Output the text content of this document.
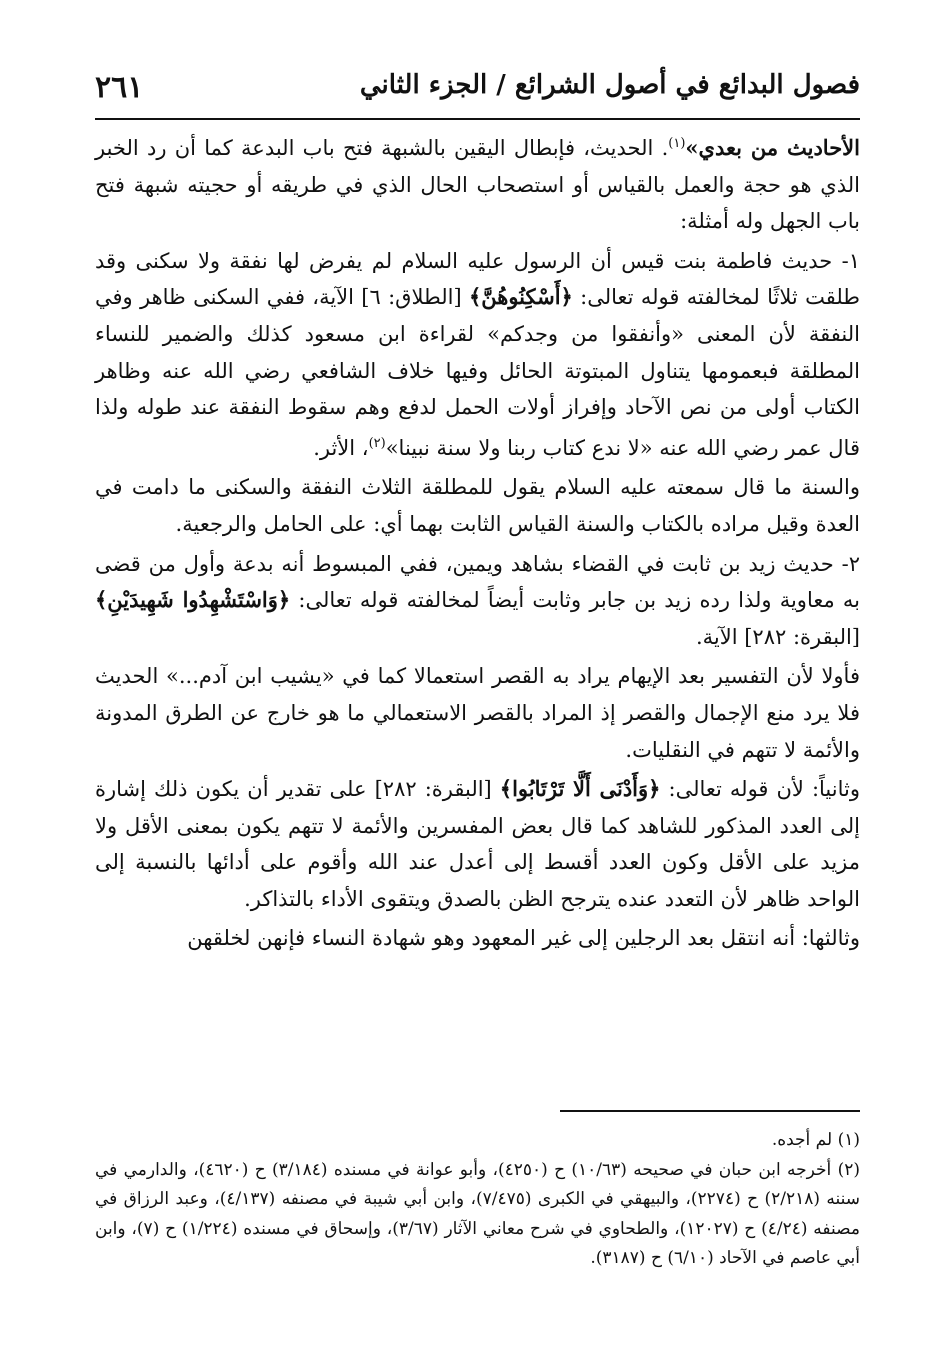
٢٦١	فصول البدائع في أصول الشرائع / الجزء الثاني

الأحاديث من بعدي»$^{(١)}$. الحديث، فإبطال اليقين بالشبهة فتح باب البدعة كما أن رد الخبر الذي هو حجة والعمل بالقياس أو استصحاب الحال الذي في طريقه أو حجيته شبهة فتح باب الجهل وله أمثلة:

١- حديث فاطمة بنت قيس أن الرسول عليه السلام لم يفرض لها نفقة ولا سكنى وقد طلقت ثلاثًا لمخالفته قوله تعالى: ﴿أَسْكِنُوهُنَّ﴾ [الطلاق: ٦] الآية، ففي السكنى ظاهر وفي النفقة لأن المعنى «وأنفقوا من وجدكم» لقراءة ابن مسعود كذلك والضمير للنساء المطلقة فبعمومها يتناول المبتوتة الحائل وفيها خلاف الشافعي رضي الله عنه وظاهر الكتاب أولى من نص الآحاد وإفراز أولات الحمل لدفع وهم سقوط النفقة عند طوله ولذا قال عمر رضي الله عنه «لا ندع كتاب ربنا ولا سنة نبينا»$^{(٢)}$، الأثر.

والسنة ما قال سمعته عليه السلام يقول للمطلقة الثلاث النفقة والسكنى ما دامت في العدة وقيل مراده بالكتاب والسنة القياس الثابت بهما أي: على الحامل والرجعية.

٢- حديث زيد بن ثابت في القضاء بشاهد ويمين، ففي المبسوط أنه بدعة وأول من قضى به معاوية ولذا رده زيد بن جابر وثابت أيضاً لمخالفته قوله تعالى: ﴿وَاسْتَشْهِدُوا شَهِيدَيْنِ﴾ [البقرة: ٢٨٢] الآية.

فأولا لأن التفسير بعد الإيهام يراد به القصر استعمالا كما في «يشيب ابن آدم...» الحديث فلا يرد منع الإجمال والقصر إذ المراد بالقصر الاستعمالي ما هو خارج عن الطرق المدونة والأئمة لا تتهم في النقليات.

وثانياً: لأن قوله تعالى: ﴿وَأَدْنَى أَلَّا تَرْتَابُوا﴾ [البقرة: ٢٨٢] على تقدير أن يكون ذلك إشارة إلى العدد المذكور للشاهد كما قال بعض المفسرين والأئمة لا تتهم يكون بمعنى الأقل ولا مزيد على الأقل وكون العدد أقسط إلى أعدل عند الله وأقوم على أدائها بالنسبة إلى الواحد ظاهر لأن التعدد عنده يترجح الظن بالصدق ويتقوى الأداء بالتذاكر.

وثالثها: أنه انتقل بعد الرجلين إلى غير المعهود وهو شهادة النساء فإنهن لخلقهن

(١) لم أجده.
(٢) أخرجه ابن حبان في صحيحه (١٠/٦٣) ح (٤٢٥٠)، وأبو عوانة في مسنده (٣/١٨٤) ح (٤٦٢٠)، والدارمي في سننه (٢/٢١٨) ح (٢٢٧٤)، والبيهقي في الكبرى (٧/٤٧٥)، وابن أبي شيبة في مصنفه (٤/١٣٧)، وعبد الرزاق في مصنفه (٤/٢٤) ح (١٢٠٢٧)، والطحاوي في شرح معاني الآثار (٣/٦٧)، وإسحاق في مسنده (١/٢٢٤) ح (٧)، وابن أبي عاصم في الآحاد (٦/١٠) ح (٣١٨٧).
